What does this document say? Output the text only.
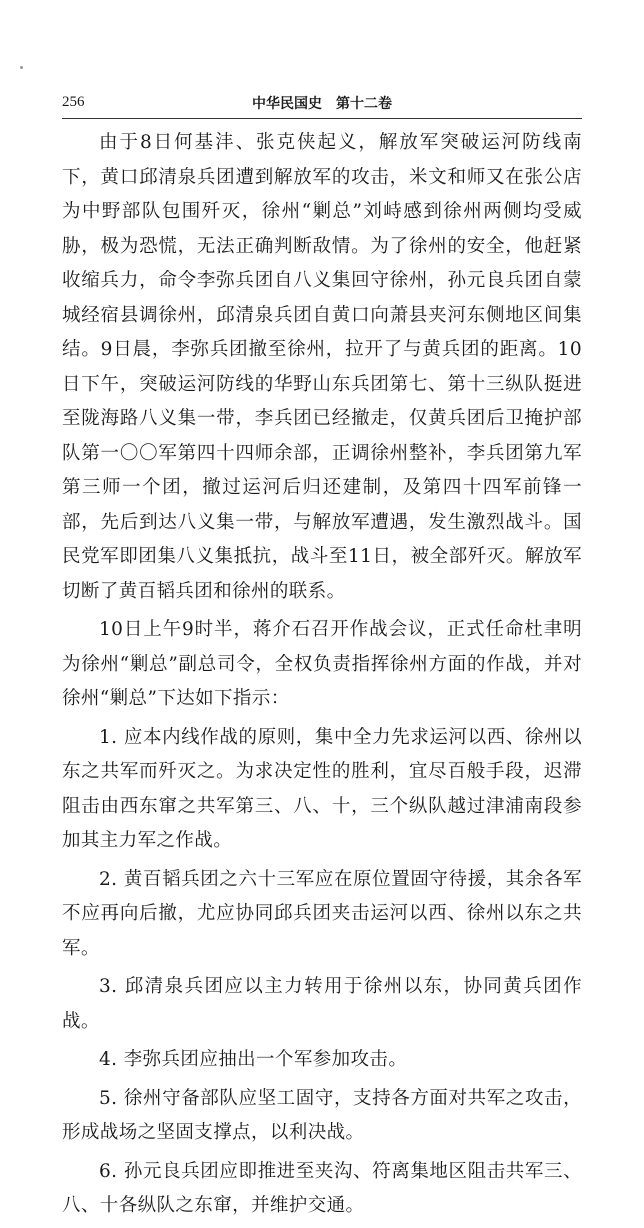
256	中华民国史　第十二卷

由于8日何基沣、张克侠起义，解放军突破运河防线南下，黄口邱清泉兵团遭到解放军的攻击，米文和师又在张公店为中野部队包围歼灭，徐州“剿总”刘峙感到徐州两侧均受威胁，极为恐慌，无法正确判断敌情。为了徐州的安全，他赶紧收缩兵力，命令李弥兵团自八义集回守徐州，孙元良兵团自蒙城经宿县调徐州，邱清泉兵团自黄口向萧县夹河东侧地区间集结。9日晨，李弥兵团撤至徐州，拉开了与黄兵团的距离。10日下午，突破运河防线的华野山东兵团第七、第十三纵队挺进至陇海路八义集一带，李兵团已经撤走，仅黄兵团后卫掩护部队第一〇〇军第四十四师余部，正调徐州整补，李兵团第九军第三师一个团，撤过运河后归还建制，及第四十四军前锋一部，先后到达八义集一带，与解放军遭遇，发生激烈战斗。国民党军即团集八义集抵抗，战斗至11日，被全部歼灭。解放军切断了黄百韬兵团和徐州的联系。

10日上午9时半，蒋介石召开作战会议，正式任命杜聿明为徐州“剿总”副总司令，全权负责指挥徐州方面的作战，并对徐州“剿总”下达如下指示：

1. 应本内线作战的原则，集中全力先求运河以西、徐州以东之共军而歼灭之。为求决定性的胜利，宜尽百般手段，迟滞阻击由西东窜之共军第三、八、十，三个纵队越过津浦南段参加其主力军之作战。

2. 黄百韬兵团之六十三军应在原位置固守待援，其余各军不应再向后撤，尤应协同邱兵团夹击运河以西、徐州以东之共军。

3. 邱清泉兵团应以主力转用于徐州以东，协同黄兵团作战。

4. 李弥兵团应抽出一个军参加攻击。

5. 徐州守备部队应坚工固守，支持各方面对共军之攻击，形成战场之坚固支撑点，以利决战。

6. 孙元良兵团应即推进至夹沟、符离集地区阻击共军三、八、十各纵队之东窜，并维护交通。
